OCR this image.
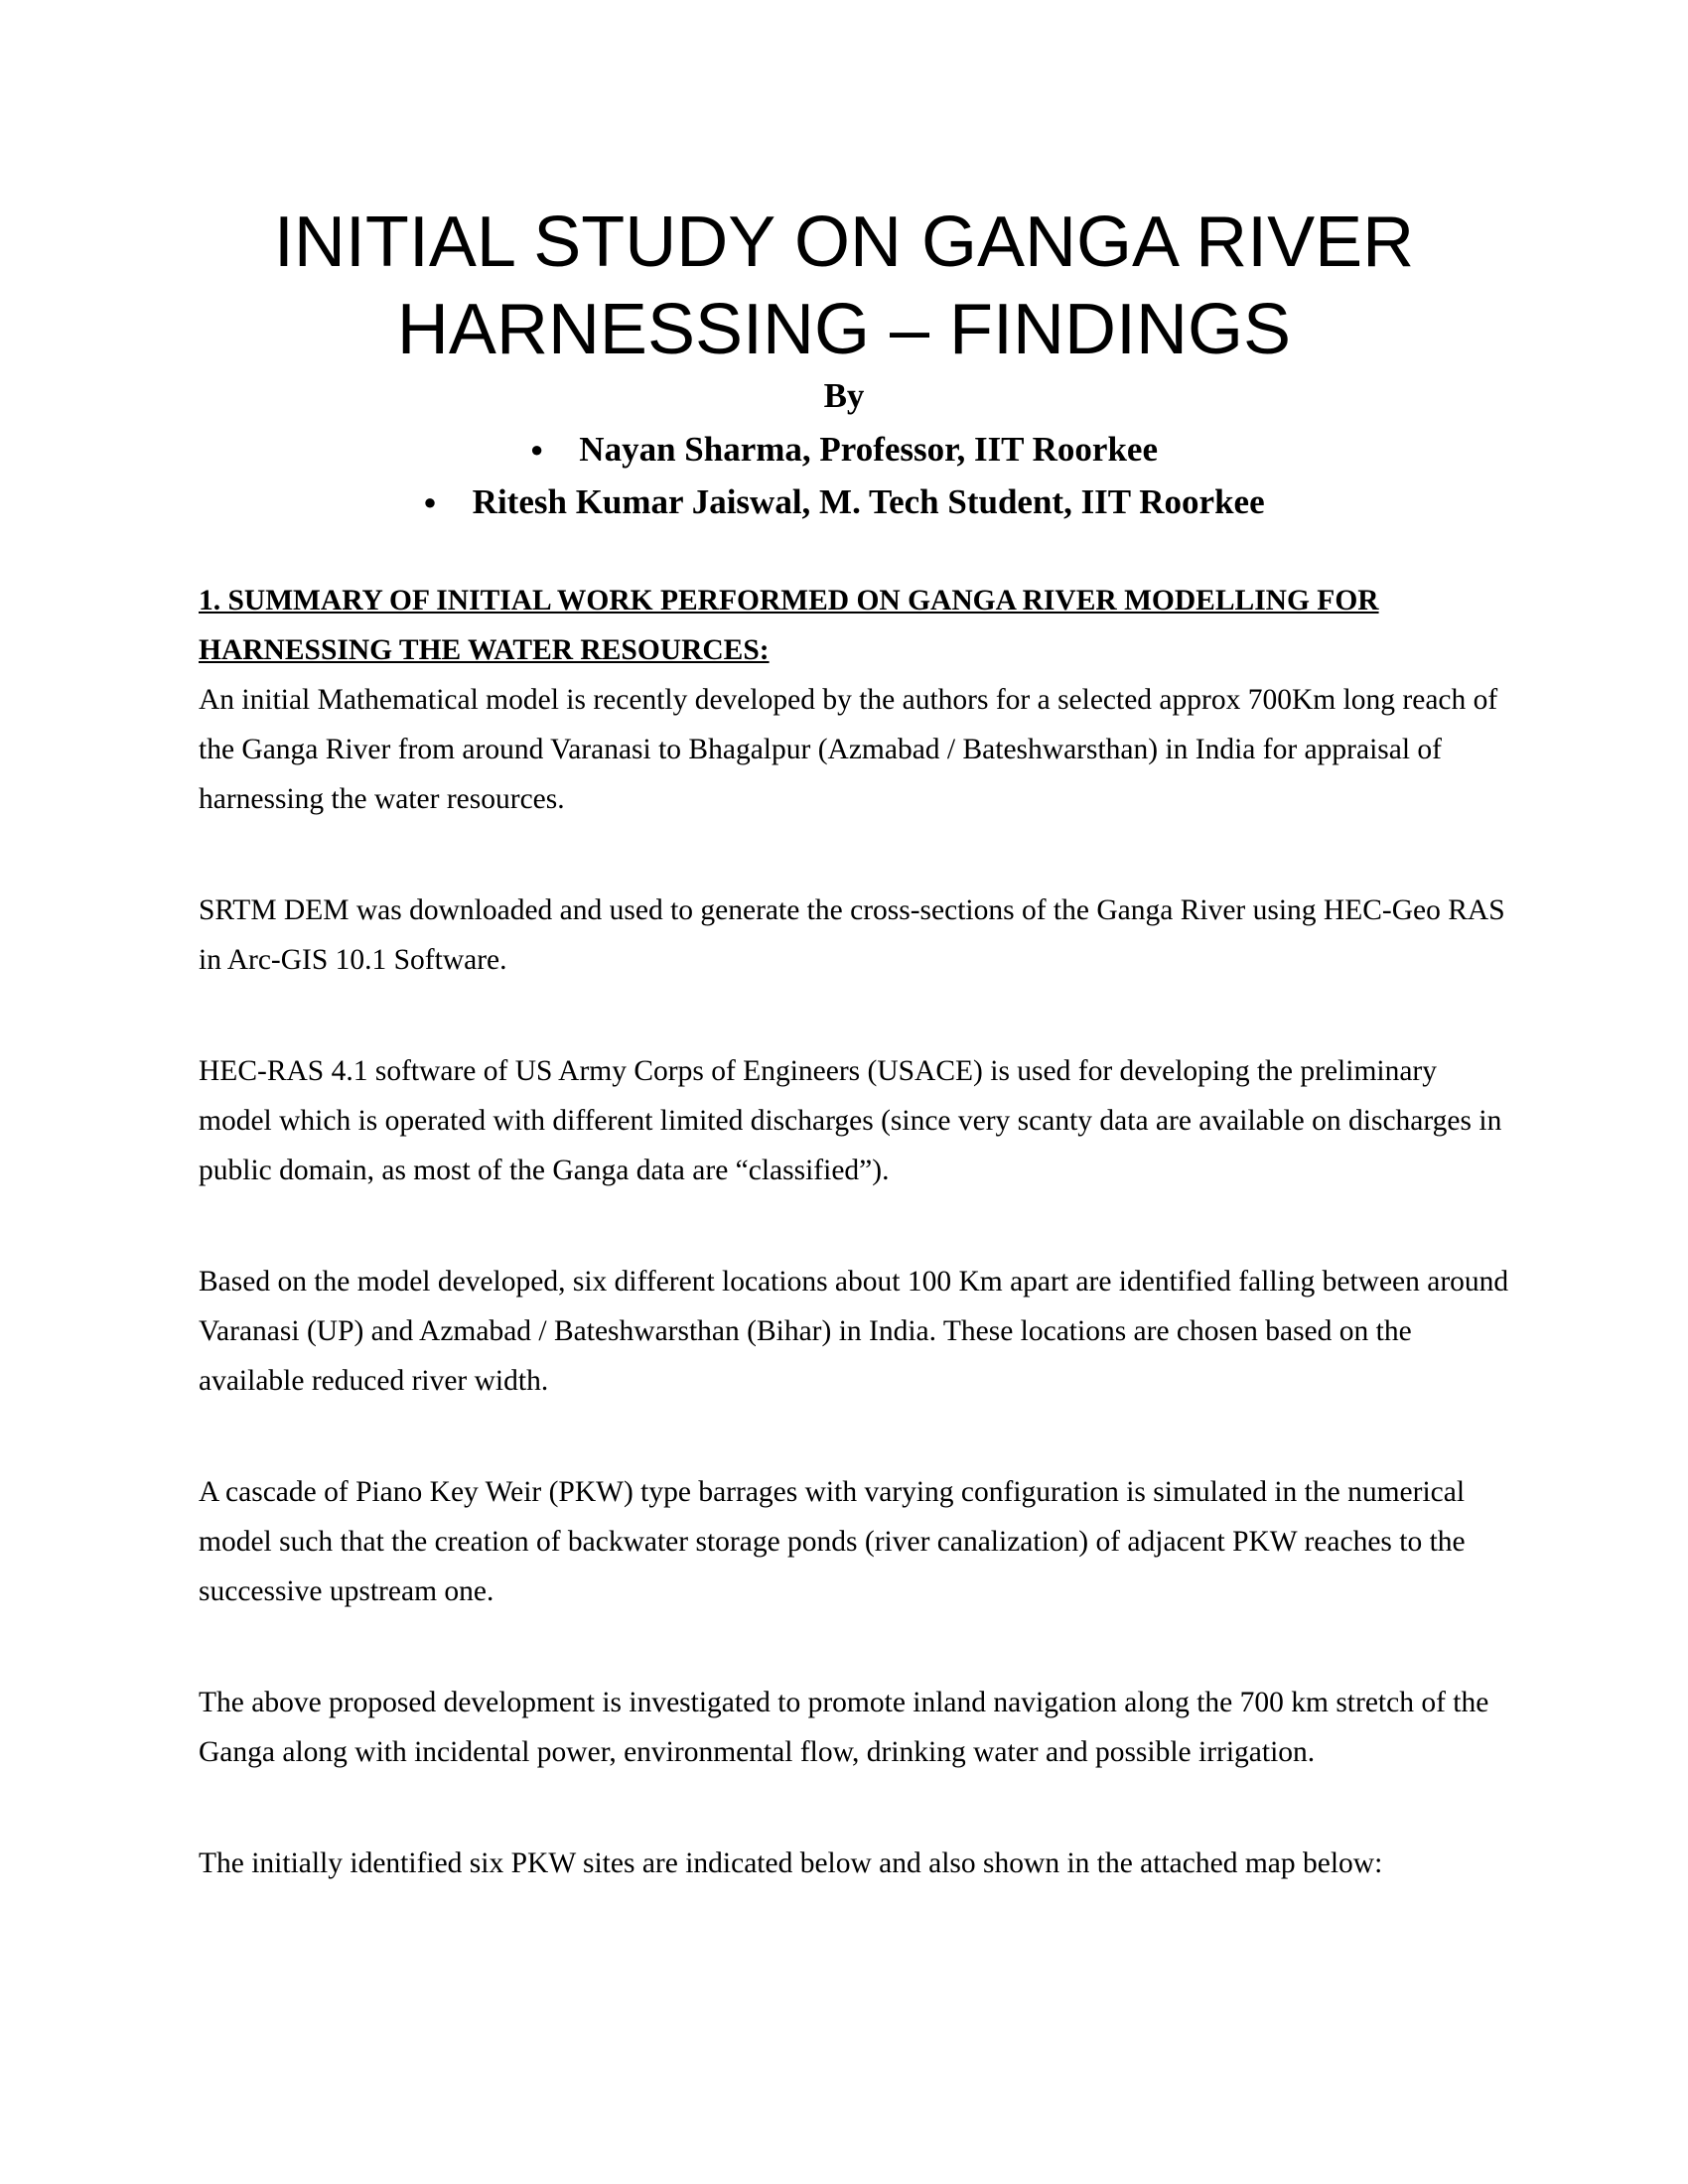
INITIAL STUDY ON GANGA RIVER
HARNESSING – FINDINGS

By

● Nayan Sharma, Professor, IIT Roorkee
● Ritesh Kumar Jaiswal, M. Tech Student, IIT Roorkee

1. SUMMARY OF INITIAL WORK PERFORMED ON GANGA RIVER MODELLING FOR HARNESSING THE WATER RESOURCES:

An initial Mathematical model is recently developed by the authors for a selected approx 700Km long reach of the Ganga River from around Varanasi to Bhagalpur (Azmabad / Bateshwarsthan) in India for appraisal of harnessing the water resources.

SRTM DEM was downloaded and used to generate the cross-sections of the Ganga River using HEC-Geo RAS in Arc-GIS 10.1 Software.

HEC-RAS 4.1 software of US Army Corps of Engineers (USACE) is used for developing the preliminary model which is operated with different limited discharges (since very scanty data are available on discharges in public domain, as most of the Ganga data are “classified”).

Based on the model developed, six different locations about 100 Km apart are identified falling between around Varanasi (UP) and Azmabad / Bateshwarsthan (Bihar) in India. These locations are chosen based on the available reduced river width.

A cascade of Piano Key Weir (PKW) type barrages with varying configuration is simulated in the numerical model such that the creation of backwater storage ponds (river canalization) of adjacent PKW reaches to the successive upstream one.

The above proposed development is investigated to promote inland navigation along the 700 km stretch of the Ganga along with incidental power, environmental flow, drinking water and possible irrigation.

The initially identified six PKW sites are indicated below and also shown in the attached map below:
